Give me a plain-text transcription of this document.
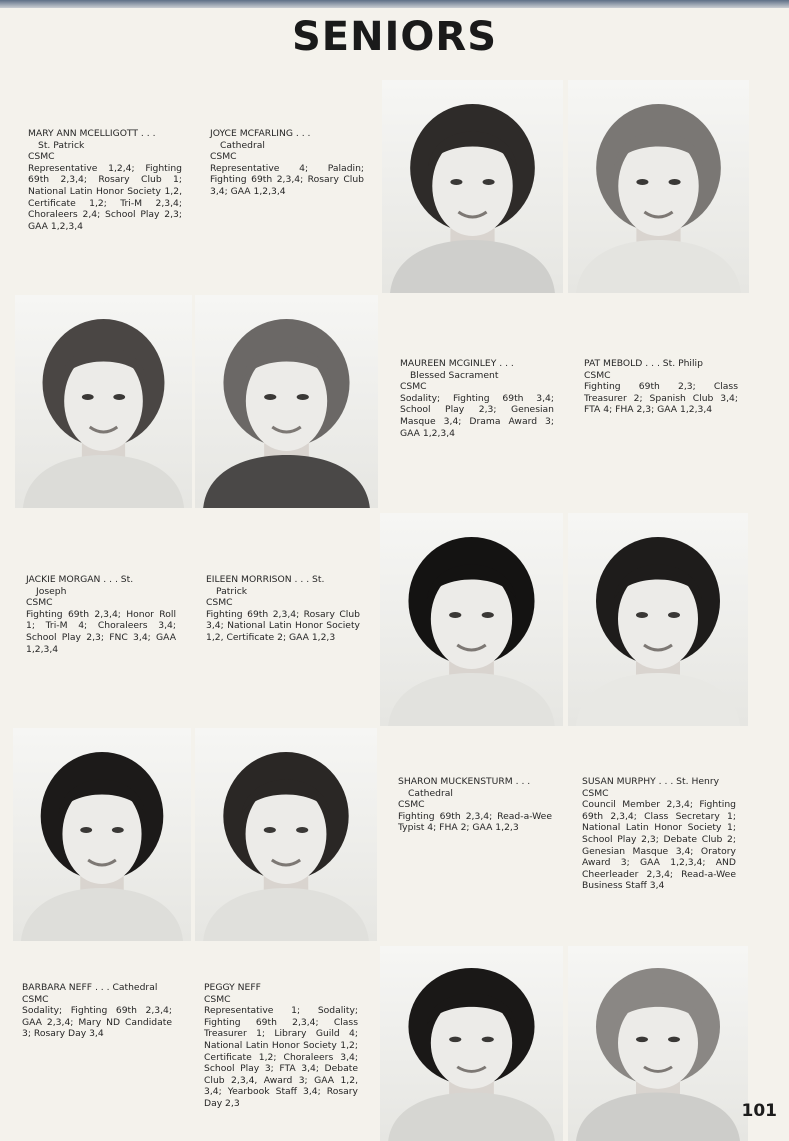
SENIORS
MARY ANN MCELLIGOTT . . .
St. Patrick
CSMC
Representative 1,2,4; Fighting 69th 2,3,4; Rosary Club 1; National Latin Honor Society 1,2, Certificate 1,2; Tri-M 2,3,4; Choraleers 2,4; School Play 2,3; GAA 1,2,3,4
JOYCE MCFARLING . . .
Cathedral
CSMC
Representative 4; Paladin; Fighting 69th 2,3,4; Rosary Club 3,4; GAA 1,2,3,4
MAUREEN MCGINLEY . . .
Blessed Sacrament
CSMC
Sodality; Fighting 69th 3,4; School Play 2,3; Genesian Masque 3,4; Drama Award 3; GAA 1,2,3,4
PAT MEBOLD . . . St. Philip
CSMC
Fighting 69th 2,3; Class Treasurer 2; Spanish Club 3,4; FTA 4; FHA 2,3; GAA 1,2,3,4
JACKIE MORGAN . . . St.
Joseph
CSMC
Fighting 69th 2,3,4; Honor Roll 1; Tri-M 4; Choraleers 3,4; School Play 2,3; FNC 3,4; GAA 1,2,3,4
EILEEN MORRISON . . . St.
Patrick
CSMC
Fighting 69th 2,3,4; Rosary Club 3,4; National Latin Honor Society 1,2, Certificate 2; GAA 1,2,3
SHARON MUCKENSTURM . . .
Cathedral
CSMC
Fighting 69th 2,3,4; Read-a-Wee Typist 4; FHA 2; GAA 1,2,3
SUSAN MURPHY . . . St. Henry
CSMC
Council Member 2,3,4; Fighting 69th 2,3,4; Class Secretary 1; National Latin Honor Society 1; School Play 2,3; Debate Club 2; Genesian Masque 3,4; Oratory Award 3; GAA 1,2,3,4; AND Cheerleader 2,3,4; Read-a-Wee Business Staff 3,4
BARBARA NEFF . . . Cathedral
CSMC
Sodality; Fighting 69th 2,3,4; GAA 2,3,4; Mary ND Candidate 3; Rosary Day 3,4
PEGGY NEFF
CSMC
Representative 1; Sodality; Fighting 69th 2,3,4; Class Treasurer 1; Library Guild 4; National Latin Honor Society 1,2; Certificate 1,2; Choraleers 3,4; School Play 3; FTA 3,4; Debate Club 2,3,4, Award 3; GAA 1,2, 3,4; Yearbook Staff 3,4; Rosary Day 2,3	101
